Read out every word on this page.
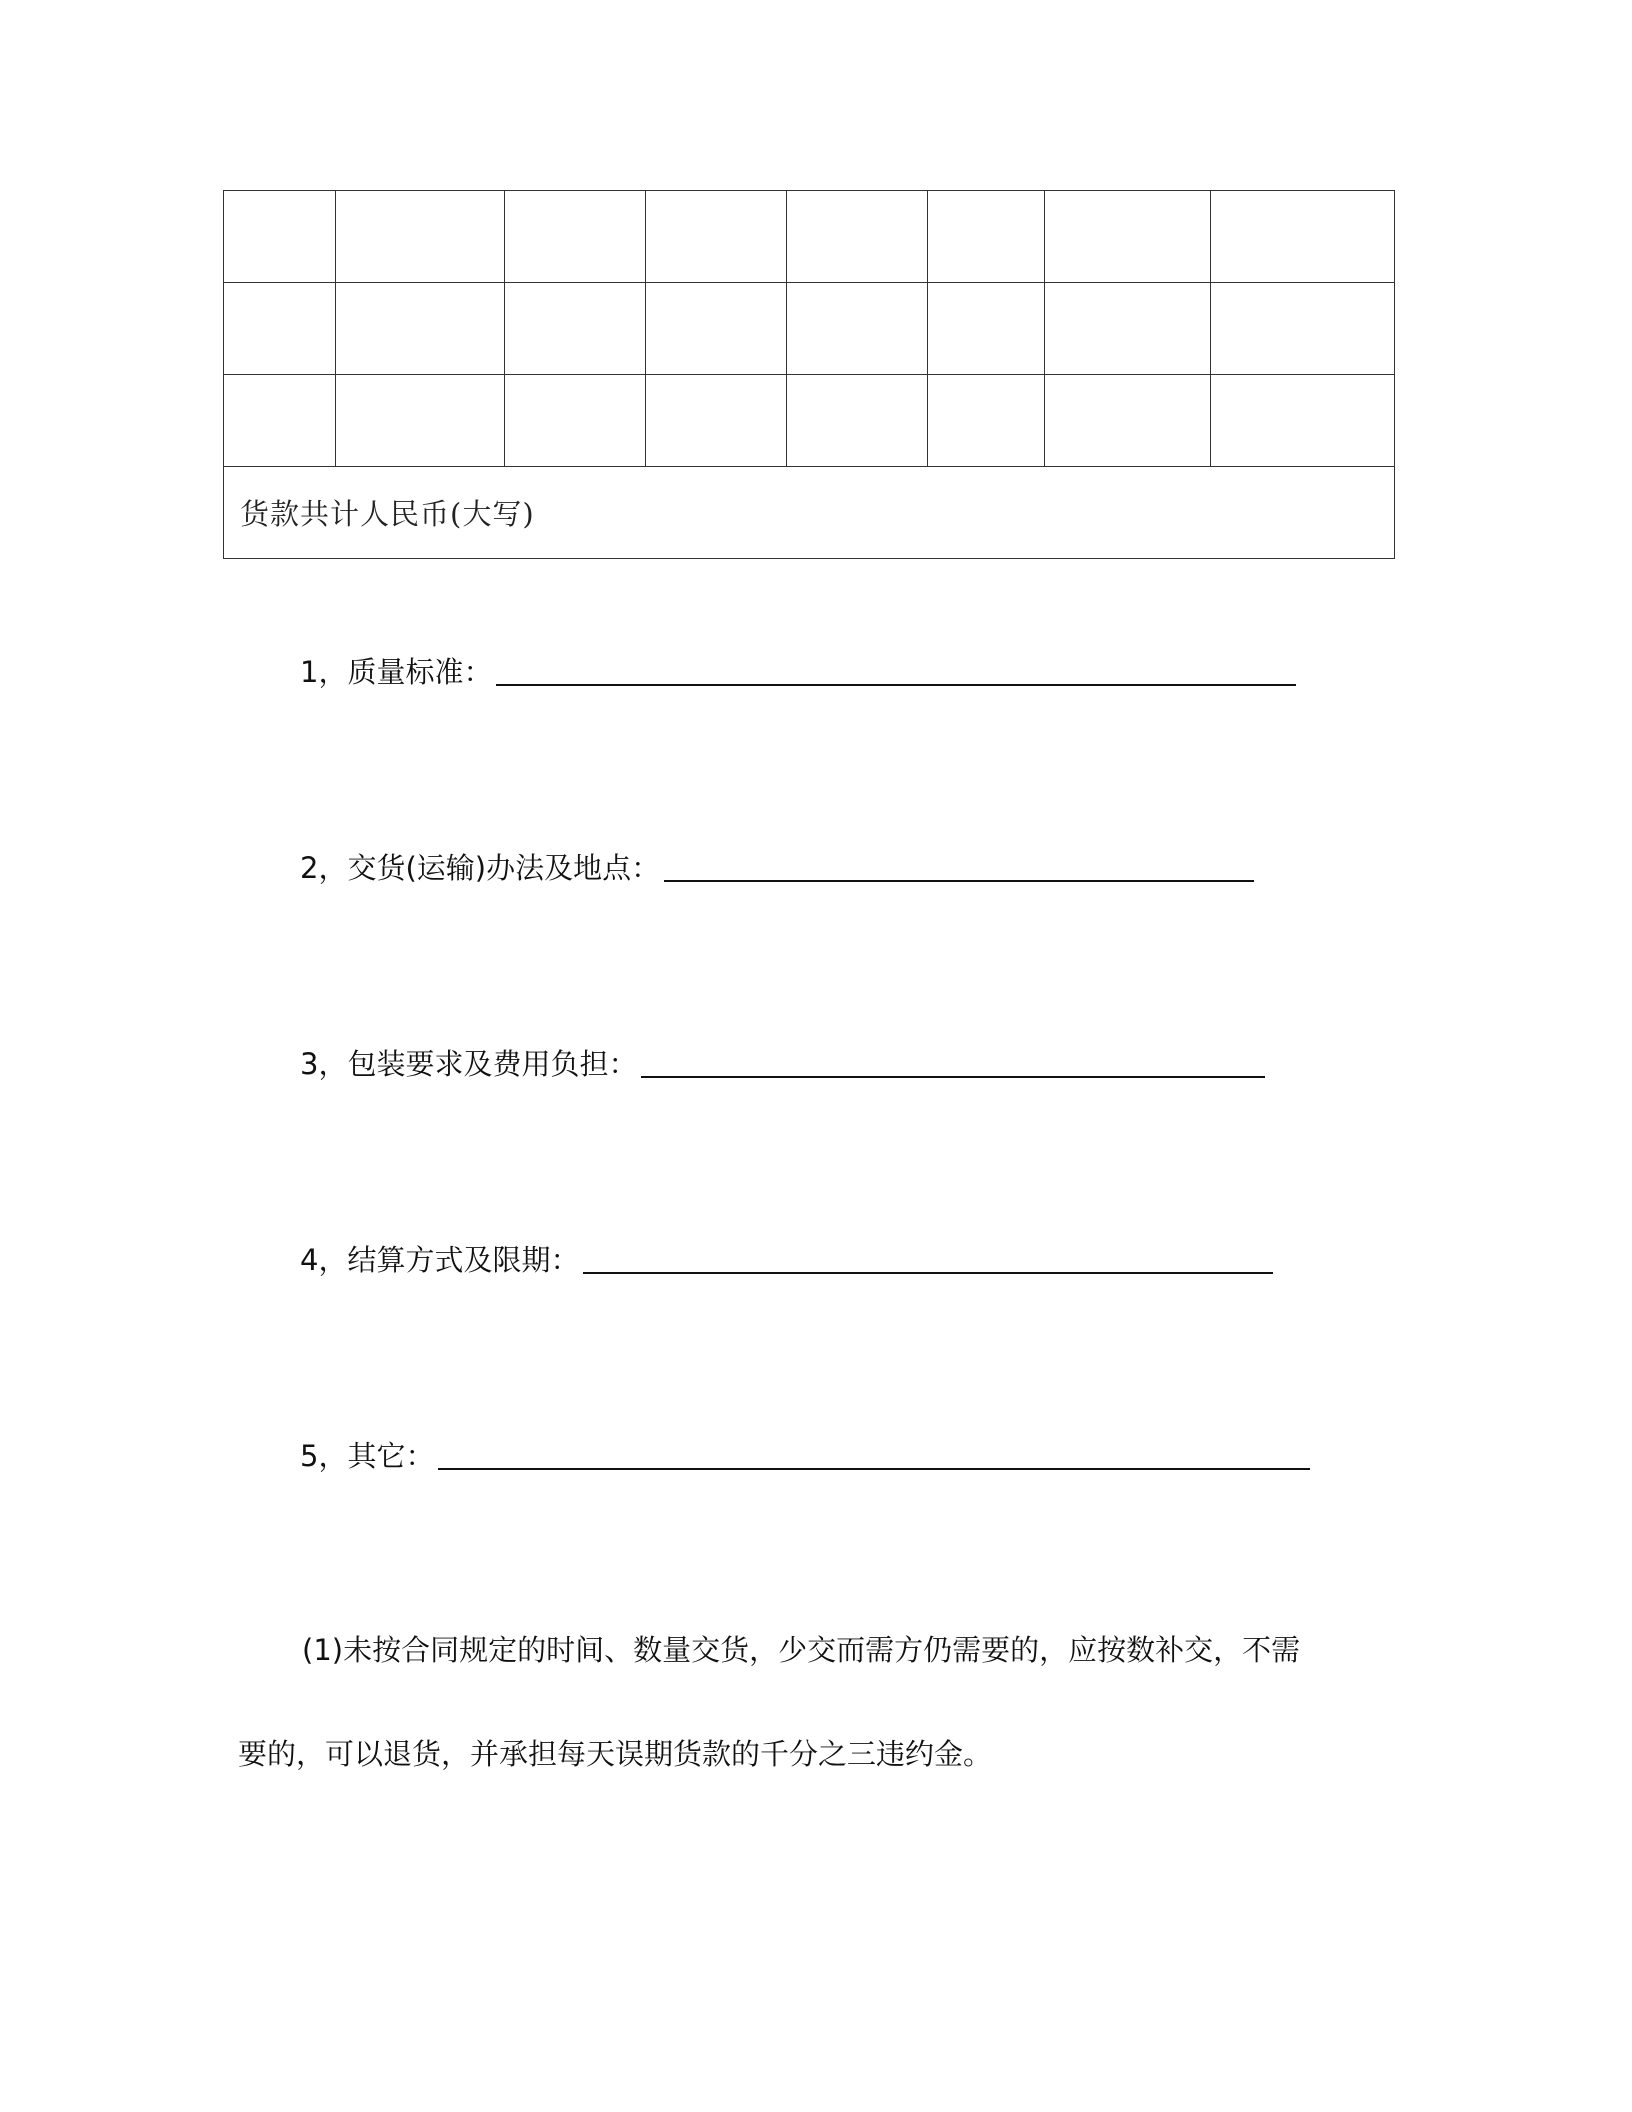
货款共计人民币(大写)							
1，质量标准：
2，交货(运输)办法及地点：
3，包装要求及费用负担：
4，结算方式及限期：
5，其它：
(1)未按合同规定的时间、数量交货，少交而需方仍需要的，应按数补交，不需
要的，可以退货，并承担每天误期货款的千分之三违约金。
